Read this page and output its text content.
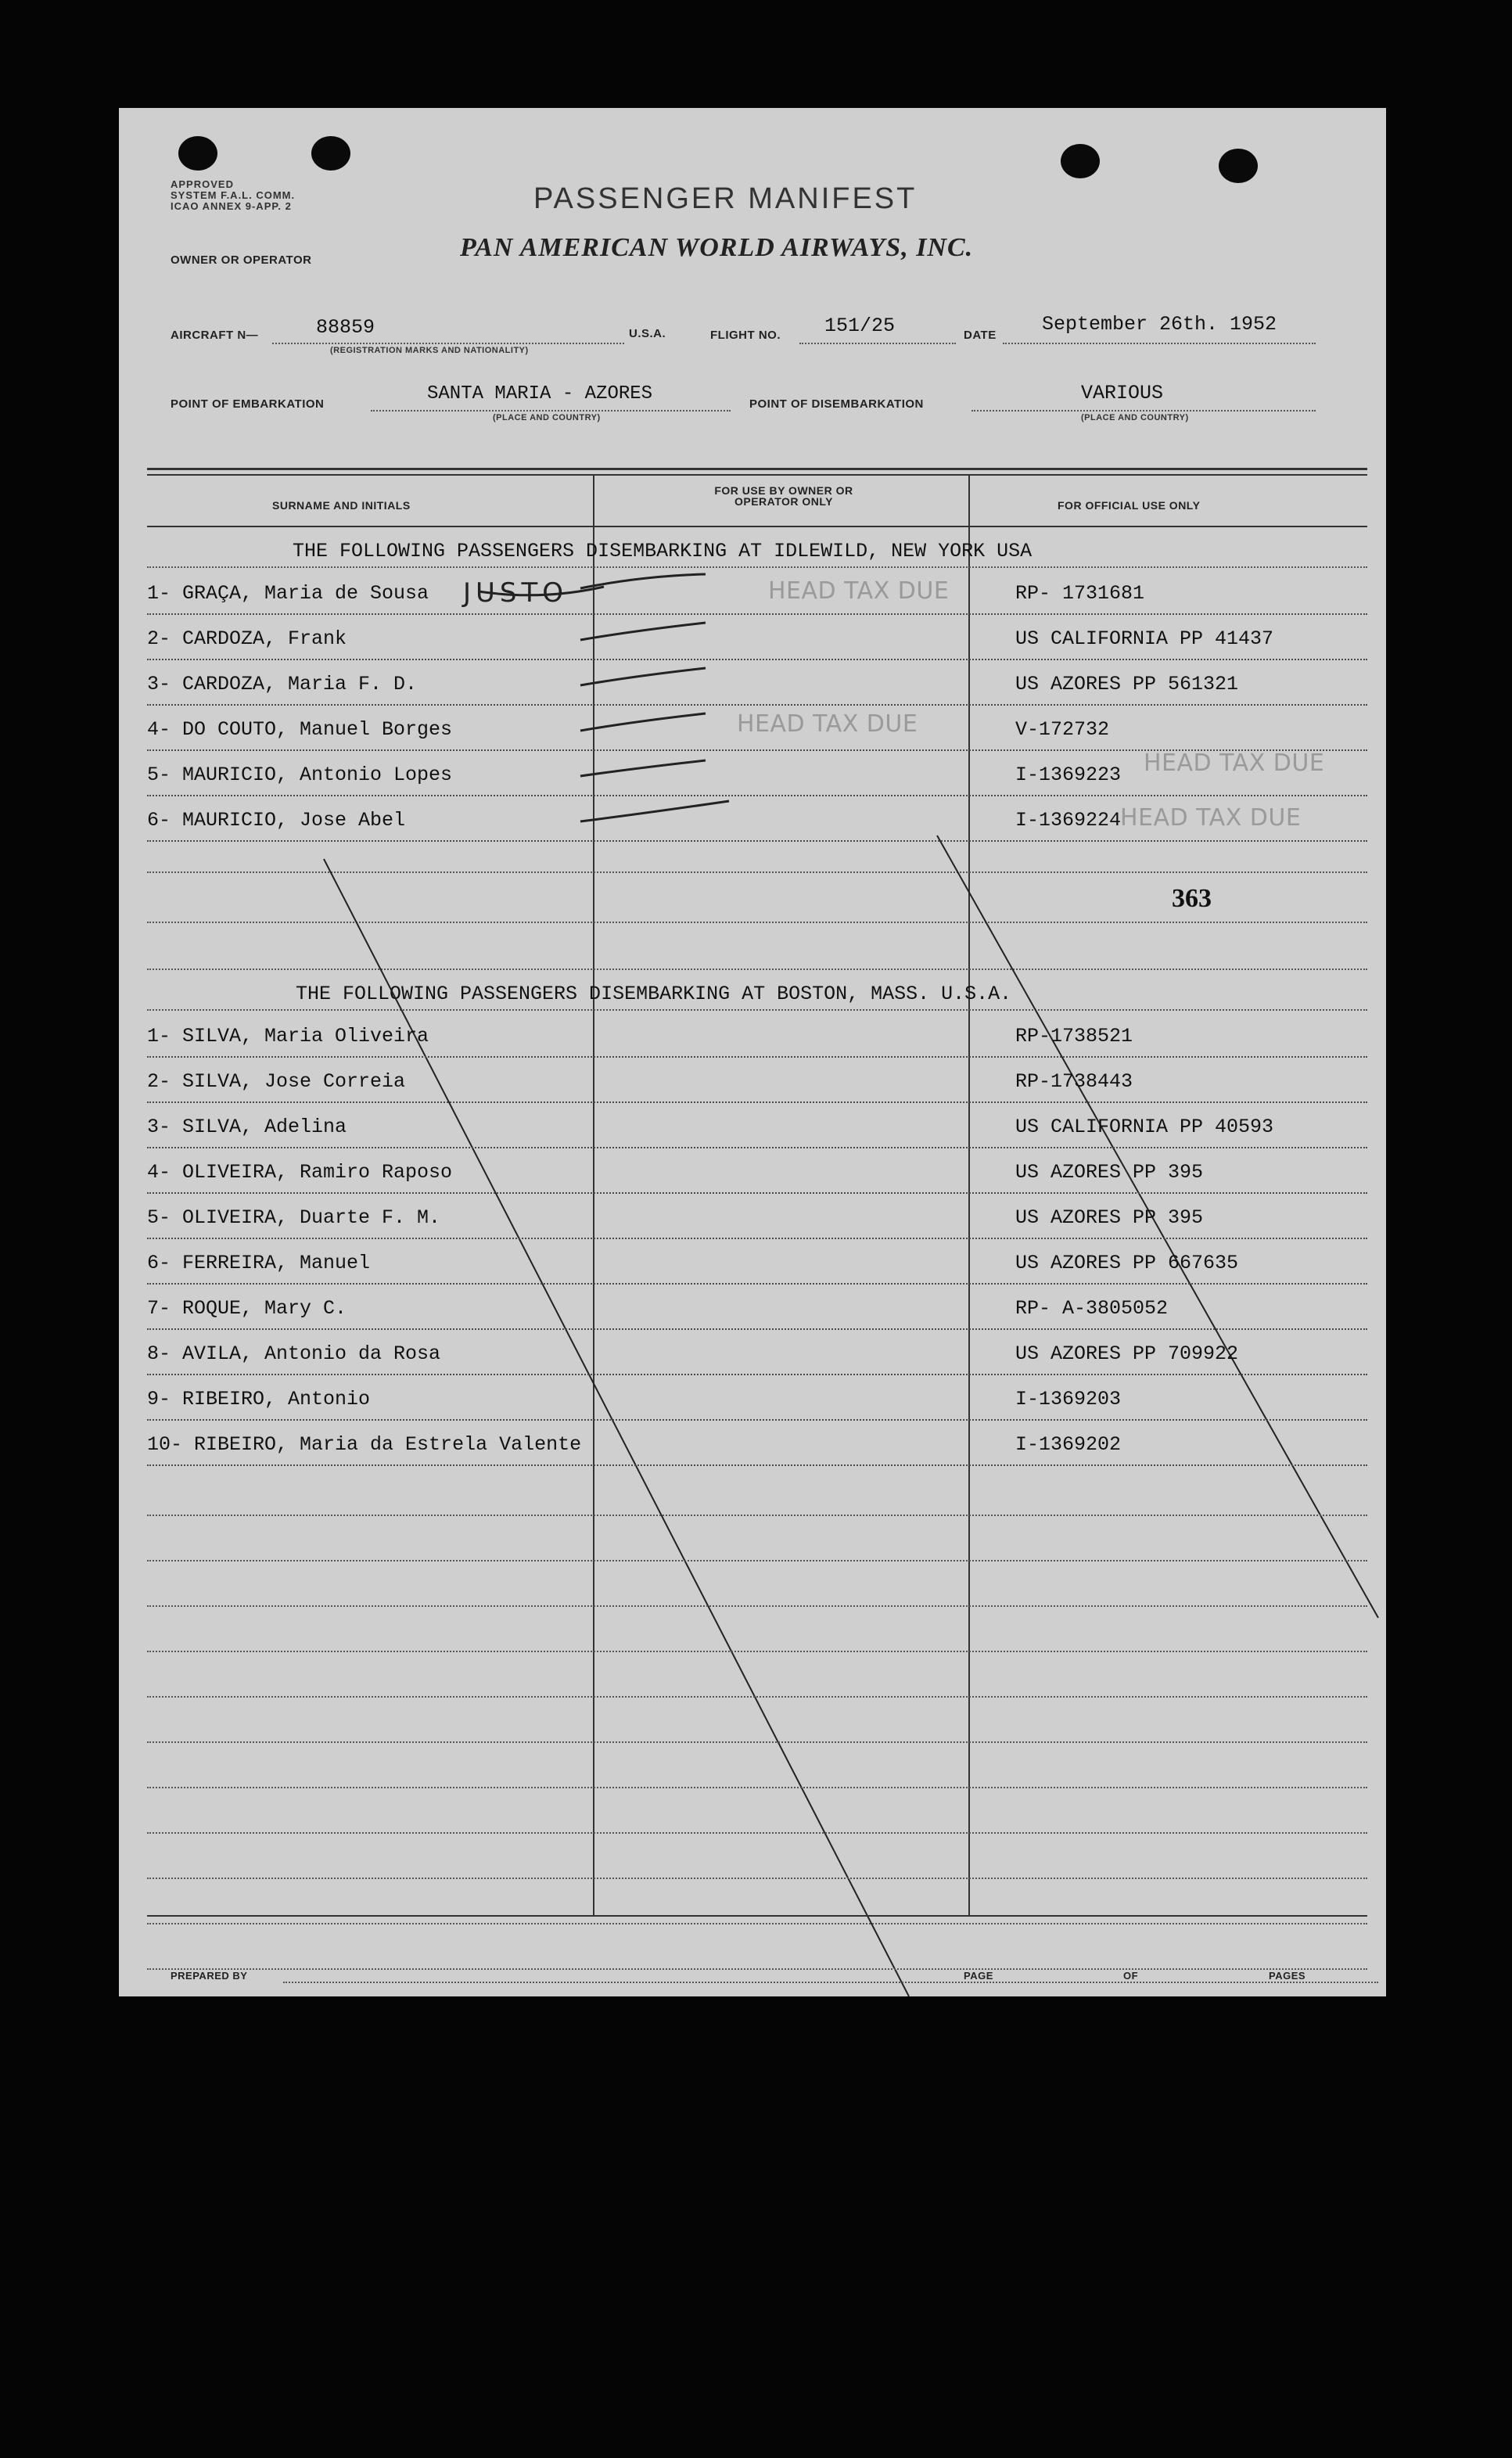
APPROVED
SYSTEM F.A.L. COMM.
ICAO ANNEX 9-APP. 2	PASSENGER MANIFEST
OWNER OR OPERATOR	PAN AMERICAN WORLD AIRWAYS, INC.
AIRCRAFT N—	88859
(REGISTRATION MARKS AND NATIONALITY)
U.S.A.	FLIGHT NO. 151/25	DATE September 26th. 1952
POINT OF EMBARKATION	SANTA MARIA - AZORES
(PLACE AND COUNTRY)
POINT OF DISEMBARKATION	VARIOUS
(PLACE AND COUNTRY)
SURNAME AND INITIALS
FOR USE BY OWNER OR OPERATOR ONLY	FOR OFFICIAL USE ONLY
THE FOLLOWING PASSENGERS DISEMBARKING AT IDLEWILD, NEW YORK USA
JUSTO	HEAD TAX DUE
HEAD TAX DUE
HEAD TAX DUE
HEAD TAX DUE
363
THE FOLLOWING PASSENGERS DISEMBARKING AT BOSTON, MASS. U.S.A.
PREPARED BY	PAGE	OF	PAGES
1- GRAÇA, Maria de Sousa	RP- 1731681
2- CARDOZA, Frank	US CALIFORNIA PP 41437
3- CARDOZA, Maria F. D.	US AZORES PP 561321
4- DO COUTO, Manuel Borges	V-172732
5- MAURICIO, Antonio Lopes	I-1369223
6- MAURICIO, Jose Abel	I-1369224
1- SILVA, Maria Oliveira	RP-1738521
2- SILVA, Jose Correia	RP-1738443
3- SILVA, Adelina	US CALIFORNIA PP 40593
4- OLIVEIRA, Ramiro Raposo	US AZORES PP 395
5- OLIVEIRA, Duarte F. M.	US AZORES PP 395
6- FERREIRA, Manuel	US AZORES PP 667635
7- ROQUE, Mary C.	RP- A-3805052
8- AVILA, Antonio da Rosa	US AZORES PP 709922
9- RIBEIRO, Antonio	I-1369203
10- RIBEIRO, Maria da Estrela Valente	I-1369202
